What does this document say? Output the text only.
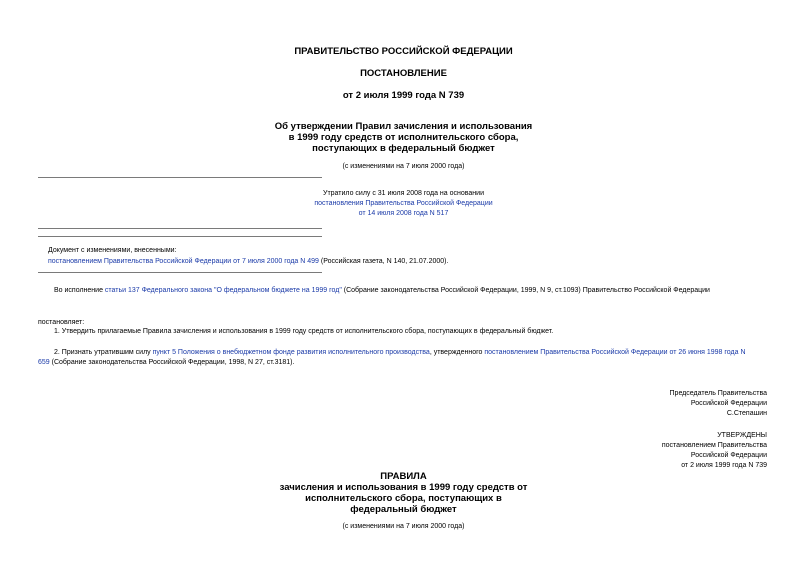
ПРАВИТЕЛЬСТВО РОССИЙСКОЙ ФЕДЕРАЦИИ
ПОСТАНОВЛЕНИЕ
от 2 июля 1999 года N 739
Об утверждении Правил зачисления и использования
в 1999 году средств от исполнительского сбора,
поступающих в федеральный бюджет
(с изменениями на 7 июля 2000 года)
Утратило силу с 31 июля 2008 года на основании
постановления Правительства Российской Федерации
от 14 июля 2008 года N 517
Документ с изменениями, внесенными:
постановлением Правительства Российской Федерации от 7 июля 2000 года N 499 (Российская газета, N 140, 21.07.2000).
Во исполнение статьи 137 Федерального закона "О федеральном бюджете на 1999 год" (Собрание законодательства Российской Федерации, 1999, N 9, ст.1093) Правительство Российской Федерации
постановляет:
1. Утвердить прилагаемые Правила зачисления и использования в 1999 году средств от исполнительского сбора, поступающих в федеральный бюджет.
2. Признать утратившим силу пункт 5 Положения о внебюджетном фонде развития исполнительного производства, утвержденного постановлением Правительства Российской Федерации от 26 июня 1998 года N
659 (Собрание законодательства Российской Федерации, 1998, N 27, ст.3181).
Председатель Правительства
Российской Федерации
С.Степашин
УТВЕРЖДЕНЫ
постановлением Правительства
Российской Федерации
от 2 июля 1999 года N 739
ПРАВИЛА
зачисления и использования в 1999 году средств от
исполнительского сбора, поступающих в
федеральный бюджет
(с изменениями на 7 июля 2000 года)
